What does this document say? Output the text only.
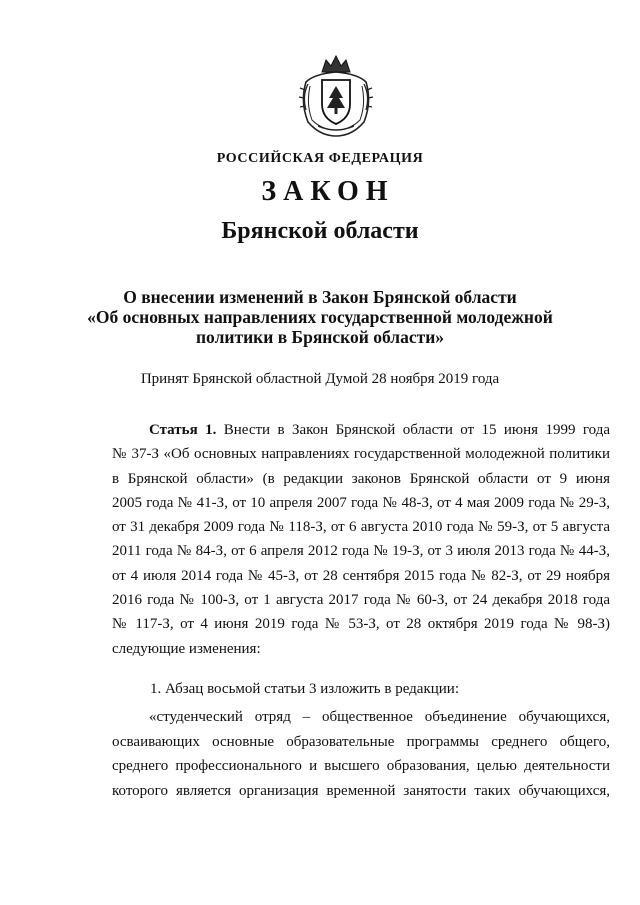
РОССИЙСКАЯ ФЕДЕРАЦИЯ
ЗАКОН
Брянской области
О внесении изменений в Закон Брянской области
«Об основных направлениях государственной молодежной
политики в Брянской области»
Принят Брянской областной Думой 28 ноября 2019 года
Статья 1. Внести в Закон Брянской области от 15 июня 1999 года
№ 37-З «Об основных направлениях государственной молодежной политики
в Брянской области» (в редакции законов Брянской области от 9 июня
2005 года № 41-З, от 10 апреля 2007 года № 48-З, от 4 мая 2009 года № 29-З,
от 31 декабря 2009 года № 118-З, от 6 августа 2010 года № 59-З, от 5 августа
2011 года № 84-З, от 6 апреля 2012 года № 19-З, от 3 июля 2013 года № 44-З,
от 4 июля 2014 года № 45-З, от 28 сентября 2015 года № 82-З, от 29 ноября
2016 года № 100-З, от 1 августа 2017 года № 60-З, от 24 декабря 2018 года
№ 117-З, от 4 июня 2019 года № 53-З, от 28 октября 2019 года № 98-З)
следующие изменения:
1. Абзац восьмой статьи 3 изложить в редакции:
«студенческий отряд – общественное объединение обучающихся,
осваивающих основные образовательные программы среднего общего,
среднего профессионального и высшего образования, целью деятельности
которого является организация временной занятости таких обучающихся,
